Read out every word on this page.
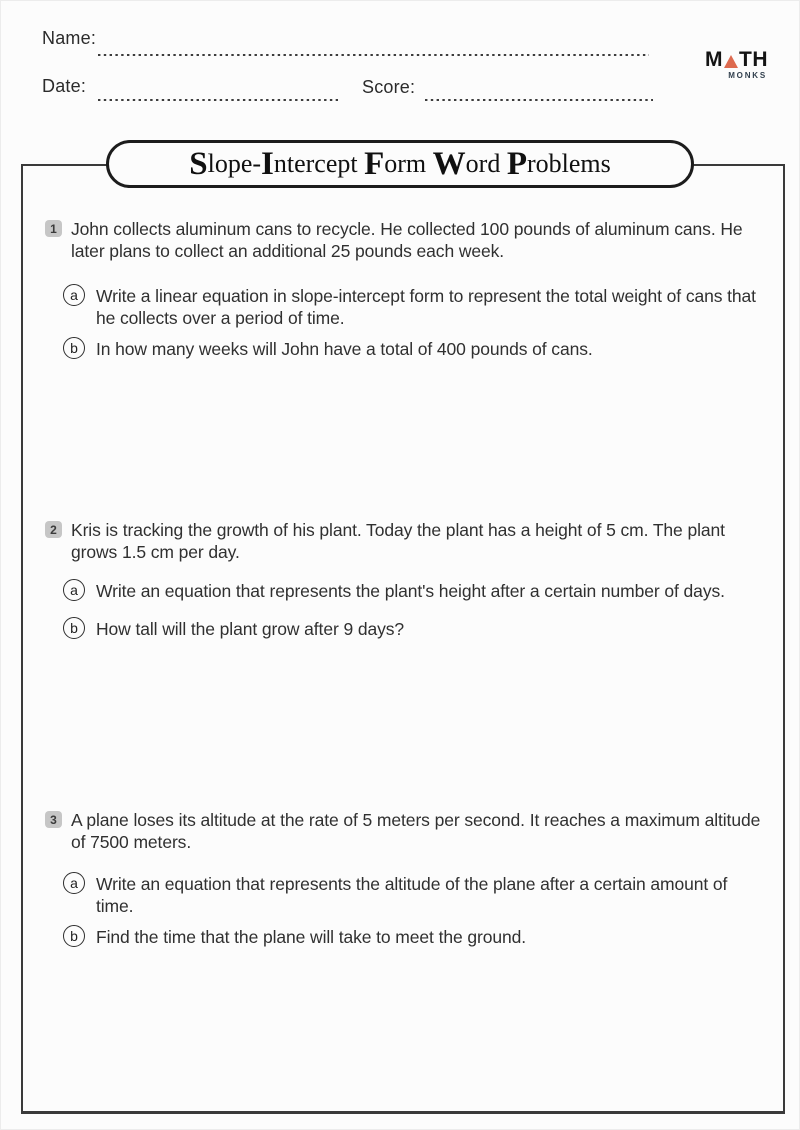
Name:
Date:	Score:
M TH
MONKS
S lope- I ntercept F orm W ord P roblems
1 John collects aluminum cans to recycle. He collected 100 pounds of aluminum cans. He later plans to collect an additional 25 pounds each week.
a	Write a linear equation in slope-intercept form to represent the total weight of cans that he collects over a period of time.
b	In how many weeks will John have a total of 400 pounds of cans.
2 Kris is tracking the growth of his plant. Today the plant has a height of 5 cm. The plant grows 1.5 cm per day.
a	Write an equation that represents the plant's height after a certain number of days.
b	How tall will the plant grow after 9 days?
3 A plane loses its altitude at the rate of 5 meters per second. It reaches a maximum altitude of 7500 meters.
a	Write an equation that represents the altitude of the plane after a certain amount of time.
b	Find the time that the plane will take to meet the ground.
